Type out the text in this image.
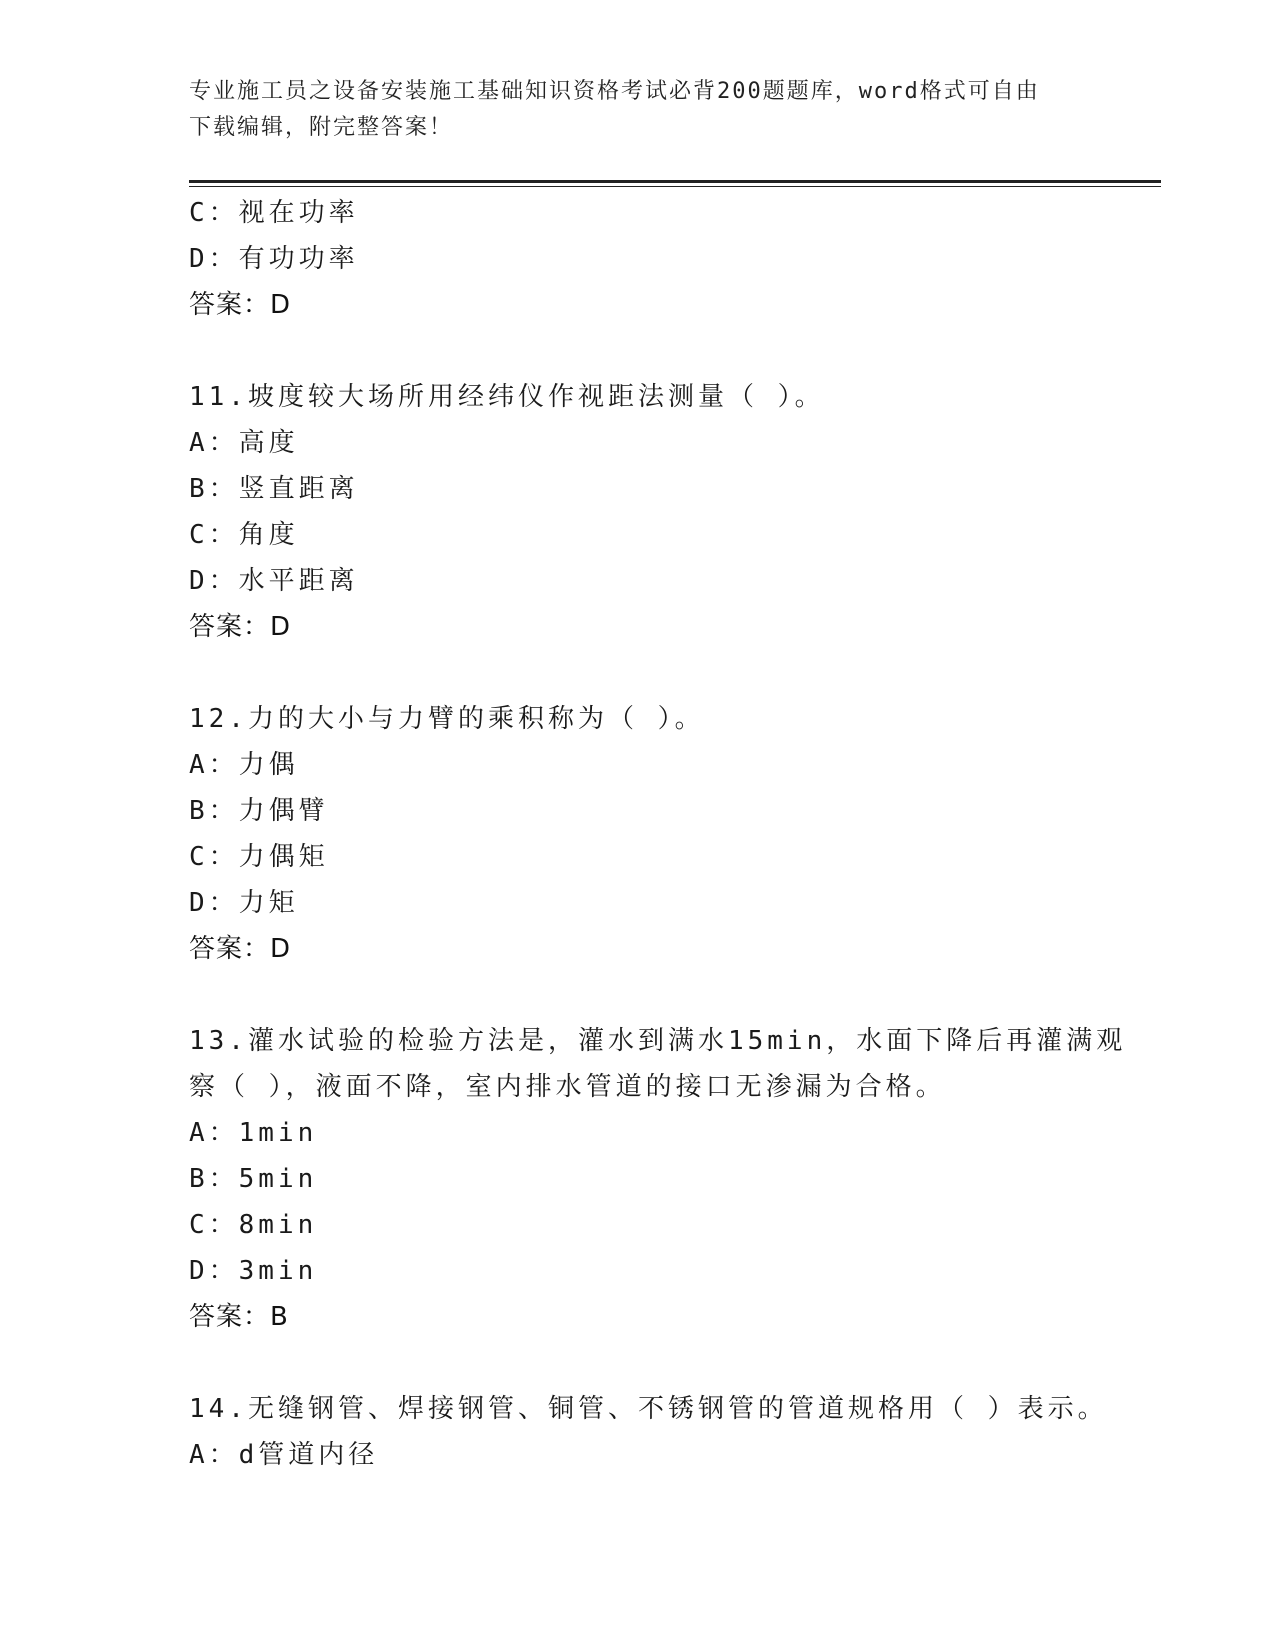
专业施工员之设备安装施工基础知识资格考试必背200题题库，word格式可自由
下载编辑，附完整答案！
C：视在功率
D：有功功率
答案：D
11.坡度较大场所用经纬仪作视距法测量（ ）。
A：高度
B：竖直距离
C：角度
D：水平距离
答案：D
12.力的大小与力臂的乘积称为（ ）。
A：力偶
B：力偶臂
C：力偶矩
D：力矩
答案：D
13.灌水试验的检验方法是，灌水到满水15min，水面下降后再灌满观
察（ ），液面不降，室内排水管道的接口无渗漏为合格。
A：1min
B：5min
C：8min
D：3min
答案：B
14.无缝钢管、焊接钢管、铜管、不锈钢管的管道规格用（ ）表示。
A：d管道内径
